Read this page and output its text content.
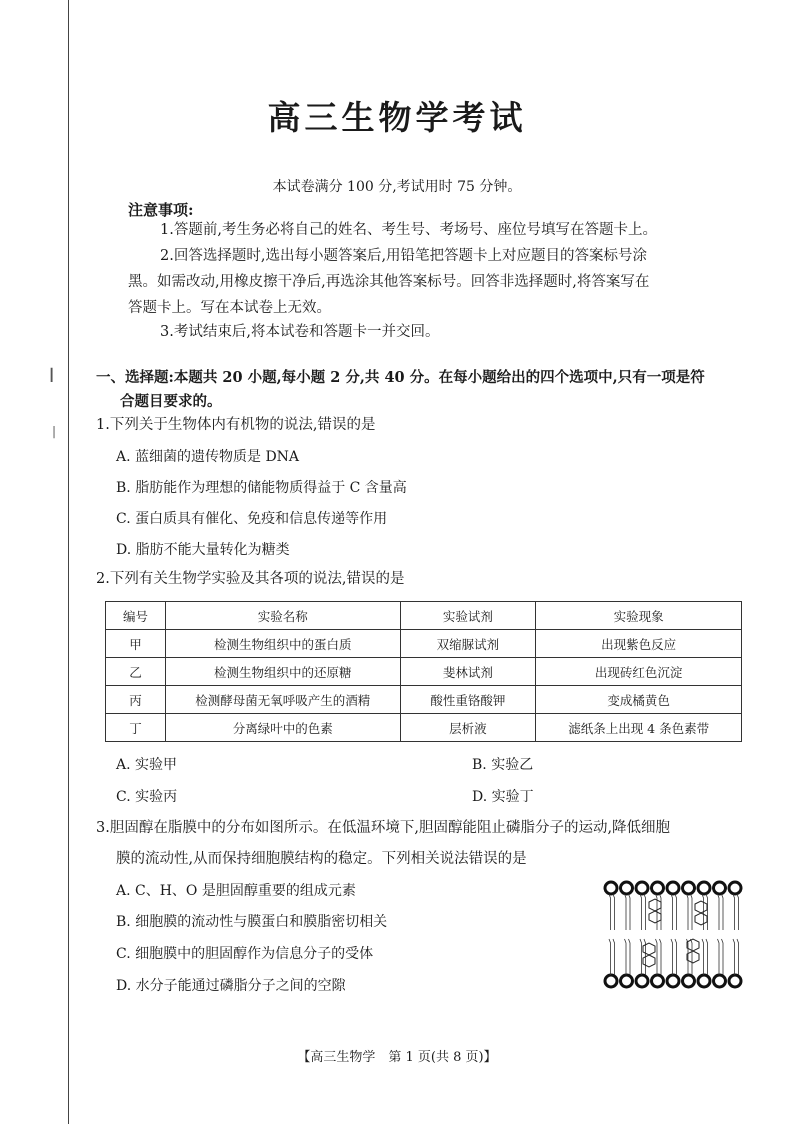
┃
|
高三生物学考试
本试卷满分 100 分,考试用时 75 分钟。
注意事项:
1.答题前,考生务必将自己的姓名、考生号、考场号、座位号填写在答题卡上。
2.回答选择题时,选出每小题答案后,用铅笔把答题卡上对应题目的答案标号涂
黑。如需改动,用橡皮擦干净后,再选涂其他答案标号。回答非选择题时,将答案写在
答题卡上。写在本试卷上无效。
3.考试结束后,将本试卷和答题卡一并交回。
一、选择题:本题共 20 小题,每小题 2 分,共 40 分。在每小题给出的四个选项中,只有一项是符
合题目要求的。
1.下列关于生物体内有机物的说法,错误的是
A. 蓝细菌的遗传物质是 DNA
B. 脂肪能作为理想的储能物质得益于 C 含量高
C. 蛋白质具有催化、免疫和信息传递等作用
D. 脂肪不能大量转化为糖类
2.下列有关生物学实验及其各项的说法,错误的是
编号	实验名称	实验试剂	实验现象
甲	检测生物组织中的蛋白质	双缩脲试剂	出现紫色反应
乙	检测生物组织中的还原糖	斐林试剂	出现砖红色沉淀
丙	检测酵母菌无氧呼吸产生的酒精	酸性重铬酸钾	变成橘黄色
丁	分离绿叶中的色素	层析液	滤纸条上出现 4 条色素带
A. 实验甲	B. 实验乙
C. 实验丙	D. 实验丁
3.胆固醇在脂膜中的分布如图所示。在低温环境下,胆固醇能阻止磷脂分子的运动,降低细胞
膜的流动性,从而保持细胞膜结构的稳定。下列相关说法错误的是
A. C、H、O 是胆固醇重要的组成元素
B. 细胞膜的流动性与膜蛋白和膜脂密切相关
C. 细胞膜中的胆固醇作为信息分子的受体
D. 水分子能通过磷脂分子之间的空隙
【高三生物学　第 1 页(共 8 页)】
